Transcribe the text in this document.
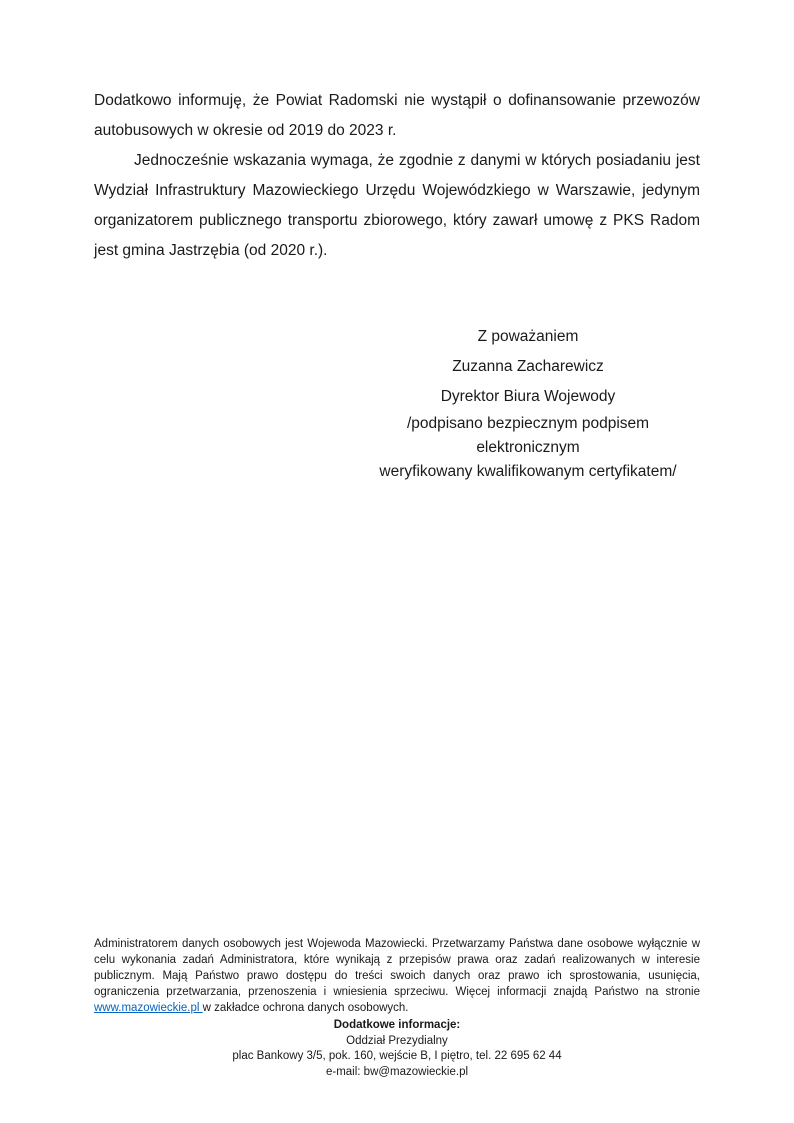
Dodatkowo informuję, że Powiat Radomski nie wystąpił o dofinansowanie przewozów autobusowych w okresie od 2019 do 2023 r.

Jednocześnie wskazania wymaga, że zgodnie z danymi w których posiadaniu jest Wydział Infrastruktury Mazowieckiego Urzędu Wojewódzkiego w Warszawie, jedynym organizatorem publicznego transportu zbiorowego, który zawarł umowę z PKS Radom jest gmina Jastrzębia (od 2020 r.).

Z poważaniem

Zuzanna Zacharewicz

Dyrektor Biura Wojewody

/podpisano bezpiecznym podpisem elektronicznym

weryfikowany kwalifikowanym certyfikatem/

Administratorem danych osobowych jest Wojewoda Mazowiecki. Przetwarzamy Państwa dane osobowe wyłącznie w celu wykonania zadań Administratora, które wynikają z przepisów prawa oraz zadań realizowanych w interesie publicznym. Mają Państwo prawo dostępu do treści swoich danych oraz prawo ich sprostowania, usunięcia, ograniczenia przetwarzania, przenoszenia i wniesienia sprzeciwu. Więcej informacji znajdą Państwo na stronie www.mazowieckie.pl w zakładce ochrona danych osobowych.

Dodatkowe informacje:

Oddział Prezydialny

plac Bankowy 3/5, pok. 160, wejście B, I piętro, tel. 22 695 62 44

e-mail: bw@mazowieckie.pl
